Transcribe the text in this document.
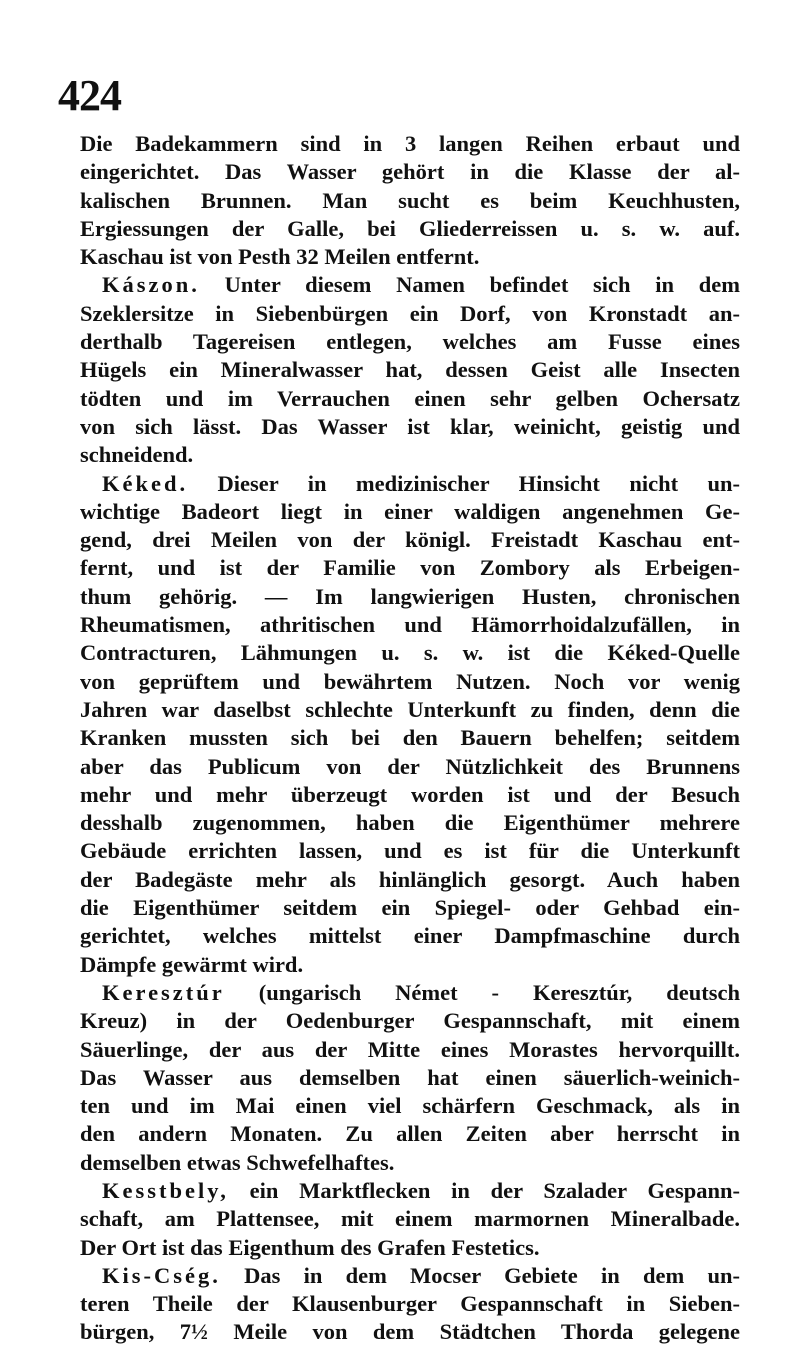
424
Die Badekammern sind in 3 langen Reihen erbaut und
eingerichtet. Das Wasser gehört in die Klasse der al-
kalischen Brunnen. Man sucht es beim Keuchhusten,
Ergiessungen der Galle, bei Gliederreissen u. s. w. auf.
Kaschau ist von Pesth 32 Meilen entfernt.
Kászon. Unter diesem Namen befindet sich in dem
Szeklersitze in Siebenbürgen ein Dorf, von Kronstadt an-
derthalb Tagereisen entlegen, welches am Fusse eines
Hügels ein Mineralwasser hat, dessen Geist alle Insecten
tödten und im Verrauchen einen sehr gelben Ochersatz
von sich lässt. Das Wasser ist klar, weinicht, geistig und
schneidend.
Kéked. Dieser in medizinischer Hinsicht nicht un-
wichtige Badeort liegt in einer waldigen angenehmen Ge-
gend, drei Meilen von der königl. Freistadt Kaschau ent-
fernt, und ist der Familie von Zombory als Erbeigen-
thum gehörig. — Im langwierigen Husten, chronischen
Rheumatismen, athritischen und Hämorrhoidalzufällen, in
Contracturen, Lähmungen u. s. w. ist die Kéked-Quelle
von geprüftem und bewährtem Nutzen. Noch vor wenig
Jahren war daselbst schlechte Unterkunft zu finden, denn die
Kranken mussten sich bei den Bauern behelfen; seitdem
aber das Publicum von der Nützlichkeit des Brunnens
mehr und mehr überzeugt worden ist und der Besuch
desshalb zugenommen, haben die Eigenthümer mehrere
Gebäude errichten lassen, und es ist für die Unterkunft
der Badegäste mehr als hinlänglich gesorgt. Auch haben
die Eigenthümer seitdem ein Spiegel- oder Gehbad ein-
gerichtet, welches mittelst einer Dampfmaschine durch
Dämpfe gewärmt wird.
Keresztúr (ungarisch Német - Keresztúr, deutsch
Kreuz) in der Oedenburger Gespannschaft, mit einem
Säuerlinge, der aus der Mitte eines Morastes hervorquillt.
Das Wasser aus demselben hat einen säuerlich-weinich-
ten und im Mai einen viel schärfern Geschmack, als in
den andern Monaten. Zu allen Zeiten aber herrscht in
demselben etwas Schwefelhaftes.
Kesstbely, ein Marktflecken in der Szalader Gespann-
schaft, am Plattensee, mit einem marmornen Mineralbade.
Der Ort ist das Eigenthum des Grafen Festetics.
Kis-Cség. Das in dem Mocser Gebiete in dem un-
teren Theile der Klausenburger Gespannschaft in Sieben-
bürgen, 7½ Meile von dem Städtchen Thorda gelegene
